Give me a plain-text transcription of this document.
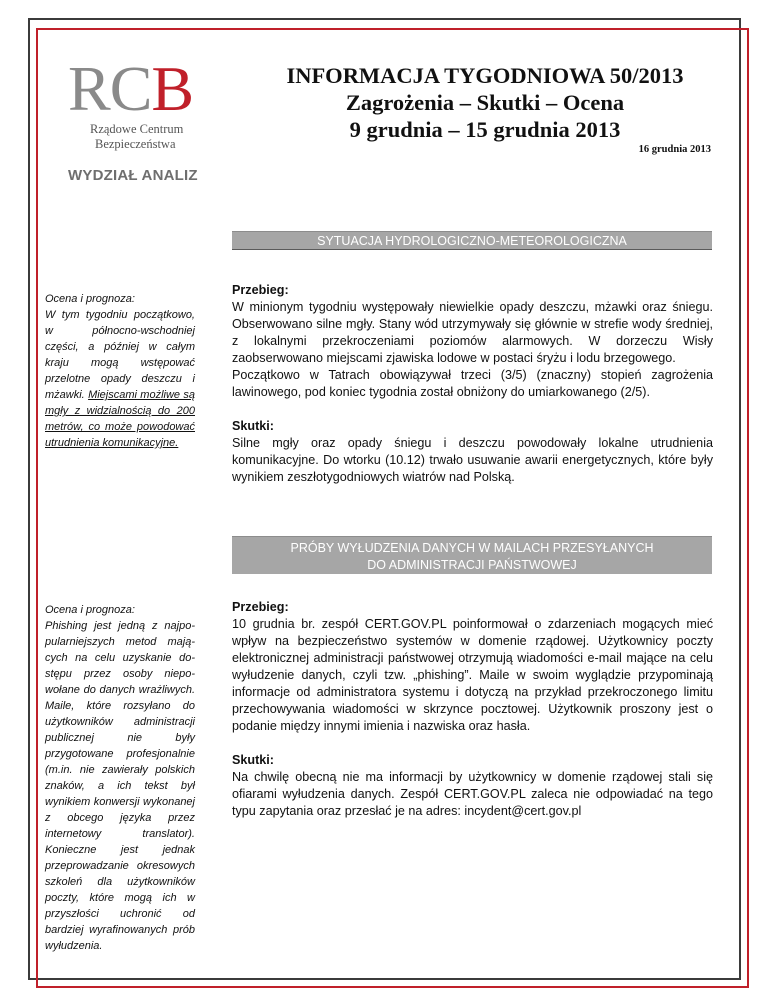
RCB
Rządowe Centrum
Bezpieczeństwa
INFORMACJA TYGODNIOWA 50/2013
Zagrożenia – Skutki – Ocena
9 grudnia – 15 grudnia 2013
16 grudnia 2013
WYDZIAŁ ANALIZ
SYTUACJA HYDROLOGICZNO-METEOROLOGICZNA
Ocena i prognoza:
W tym tygodniu początkowo, w północno-wschodniej części, a później w całym kraju mogą wstępować przelotne opady deszczu i mżawki. Miejscami możliwe są mgły z widzialnością do 200 metrów, co może powodować utrudnienia komunikacyjne.

Przebieg:

W minionym tygodniu występowały niewielkie opady deszczu, mżawki oraz śniegu. Obserwowano silne mgły. Stany wód utrzymywały się głównie w strefie wody średniej, z lokalnymi przekroczeniami poziomów alarmowych. W dorzeczu Wisły zaobserwowano miejscami zjawiska lodowe w postaci śryżu i lodu brzegowego.

Początkowo w Tatrach obowiązywał trzeci (3/5) (znaczny) stopień zagrożenia lawinowego, pod koniec tygodnia został obniżony do umiarkowanego (2/5).

Skutki:

Silne mgły oraz opady śniegu i deszczu powodowały lokalne utrudnienia komunikacyjne. Do wtorku (10.12) trwało usuwanie awarii energetycznych, które były wynikiem zeszłotygodniowych wiatrów nad Polską.

PRÓBY WYŁUDZENIA DANYCH W MAILACH PRZESYŁANYCH
DO ADMINISTRACJI PAŃSTWOWEJ
Ocena i prognoza:
Phishing jest jedną z najpopularniejszych metod mających na celu uzyskanie dostępu przez osoby niepowołane do danych wrażliwych. Maile, które rozsyłano do użytkowników administracji publicznej nie były przygotowane profesjonalnie (m.in. nie zawierały polskich znaków, a ich tekst był wynikiem konwersji wykonanej z obcego języka przez internetowy translator). Konieczne jest jednak przeprowadzanie okresowych szkoleń dla użytkowników poczty, które mogą ich w przyszłości uchronić od bardziej wyrafinowanych prób wyłudzenia.

Przebieg:

10 grudnia br. zespół CERT.GOV.PL poinformował o zdarzeniach mogących mieć wpływ na bezpieczeństwo systemów w domenie rządowej. Użytkownicy poczty elektronicznej administracji państwowej otrzymują wiadomości e-mail mające na celu wyłudzenie danych, czyli tzw. „phishing”. Maile w swoim wyglądzie przypominają informacje od administratora systemu i dotyczą na przykład przekroczonego limitu przechowywania wiadomości w skrzynce pocztowej. Użytkownik proszony jest o podanie między innymi imienia i nazwiska oraz hasła.

Skutki:

Na chwilę obecną nie ma informacji by użytkownicy w domenie rządowej stali się ofiarami wyłudzenia danych. Zespół CERT.GOV.PL zaleca nie odpowiadać na tego typu zapytania oraz przesłać je na adres: incydent@cert.gov.pl
